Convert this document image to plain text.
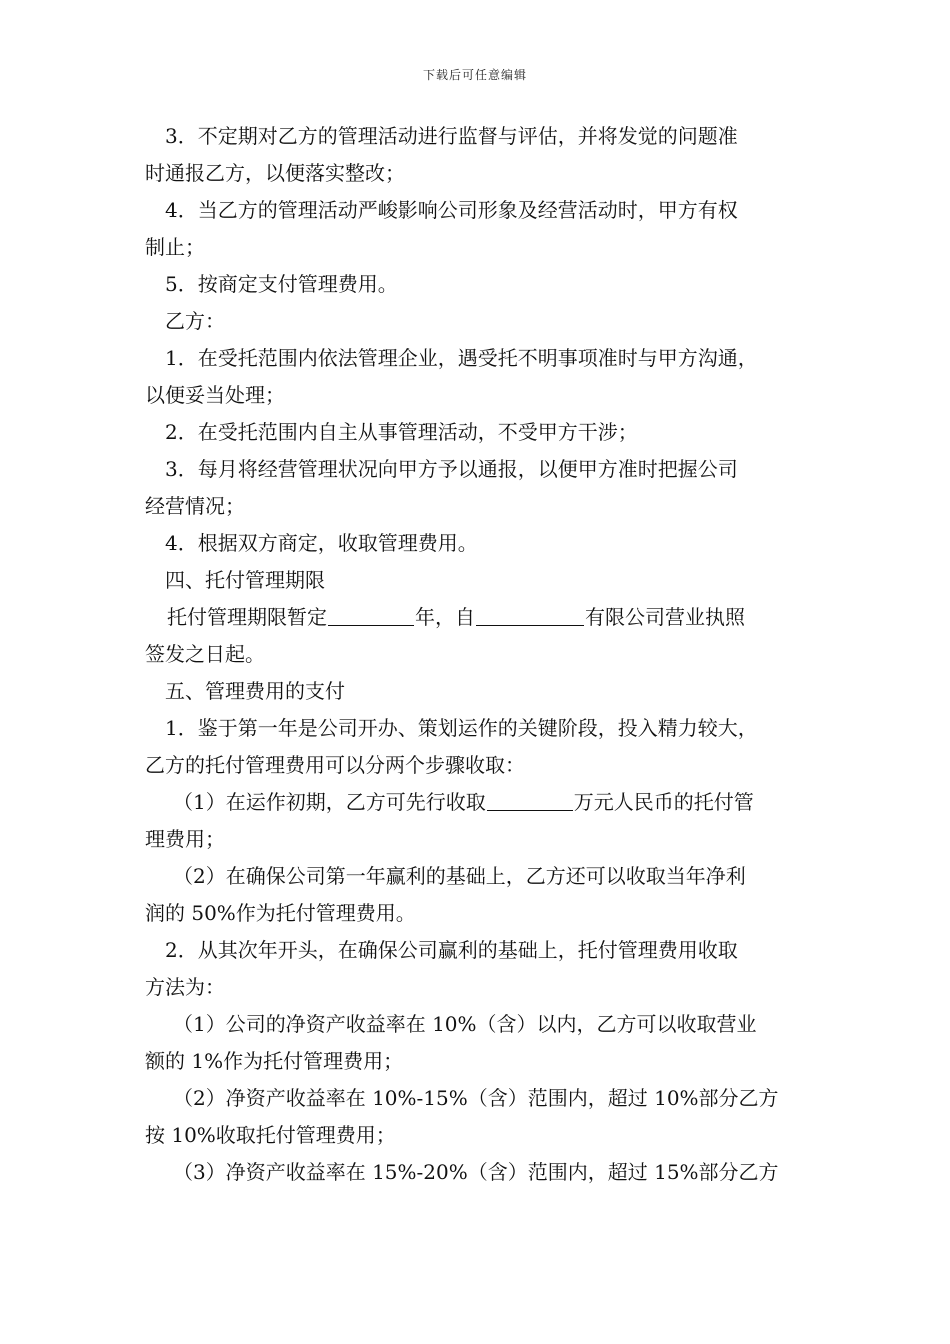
下载后可任意编辑
3．不定期对乙方的管理活动进行监督与评估，并将发觉的问题准
时通报乙方，以便落实整改；
4．当乙方的管理活动严峻影响公司形象及经营活动时，甲方有权
制止；
5．按商定支付管理费用。
乙方：
1．在受托范围内依法管理企业，遇受托不明事项准时与甲方沟通，
以便妥当处理；
2．在受托范围内自主从事管理活动，不受甲方干涉；
3．每月将经营管理状况向甲方予以通报，以便甲方准时把握公司
经营情况；
4．根据双方商定，收取管理费用。
四、托付管理期限
托付管理期限暂定	年，自	有限公司营业执照
签发之日起。
五、管理费用的支付
1．鉴于第一年是公司开办、策划运作的关键阶段，投入精力较大，
乙方的托付管理费用可以分两个步骤收取：
（1）在运作初期，乙方可先行收取	万元人民币的托付管
理费用；
（2）在确保公司第一年赢利的基础上，乙方还可以收取当年净利
润的 50%作为托付管理费用。
2．从其次年开头，在确保公司赢利的基础上，托付管理费用收取
方法为：
（1）公司的净资产收益率在 10%（含）以内，乙方可以收取营业
额的 1%作为托付管理费用；
（2）净资产收益率在 10%-15%（含）范围内，超过 10%部分乙方
按 10%收取托付管理费用；
（3）净资产收益率在 15%-20%（含）范围内，超过 15%部分乙方
